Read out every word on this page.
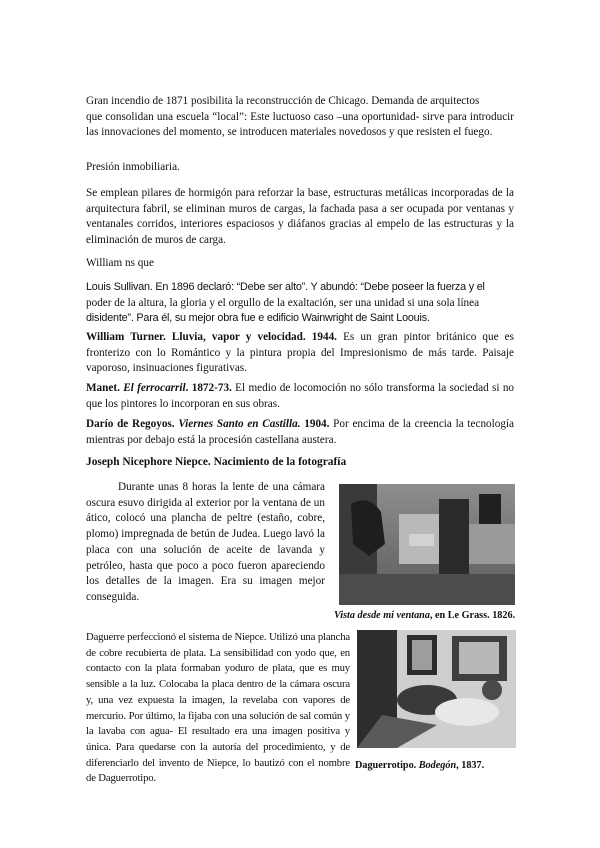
Gran incendio de 1871 posibilita la reconstrucción de Chicago. Demanda de arquitectos

que consolidan una escuela “local”: Este luctuoso caso –una oportunidad- sirve para introducir las innovaciones del momento, se introducen materiales novedosos y que resisten el fuego.

Presión inmobiliaria.

Se emplean pilares de hormigón para reforzar la base, estructuras metálicas incorporadas de la arquitectura fabril, se eliminan muros de cargas, la fachada pasa a ser ocupada por ventanas y ventanales corridos, interiores espaciosos y diáfanos gracias al empelo de las estructuras y la eliminación de muros de carga.

William ns que

Louis Sullivan. En 1896 declaró: “Debe ser alto”. Y abundó: “Debe poseer la fuerza y el

poder de la altura, la gloria y el orgullo de la exaltación, ser una unidad si una sola línea

disidente”. Para él, su mejor obra fue e edificio Wainwright de Saint Loouis.

William Turner. Lluvia, vapor y velocidad. 1944. Es un gran pintor británico que es fronterizo con lo Romántico y la pintura propia del Impresionismo de más tarde. Paisaje vaporoso, insinuaciones figurativas.

Manet. El ferrocarril. 1872-73. El medio de locomoción no sólo transforma la sociedad si no que los pintores lo incorporan en sus obras.

Darío de Regoyos. Viernes Santo en Castilla. 1904. Por encima de la creencia la tecnología mientras por debajo está la procesión castellana austera.

Joseph Nicephore Niepce. Nacimiento de la fotografía

Durante unas 8 horas la lente de una cámara oscura esuvo dirigida al exterior por la ventana de un ático, colocó una plancha de peltre (estaño, cobre, plomo) impregnada de betún de Judea. Luego lavó la placa con una solución de aceite de lavanda y petróleo, hasta que poco a poco fueron apareciendo los detalles de la imagen. Era su imagen mejor conseguida.

Vista desde mi ventana, en Le Grass. 1826.

Daguerre perfeccionó el sistema de Niepce. Utilizó una plancha de cobre recubierta de plata. La sensibilidad con yodo que, en contacto con la plata formaban yoduro de plata, que es muy sensible a la luz. Colocaba la placa dentro de la cámara oscura y, una vez expuesta la imagen, la revelaba con vapores de mercurio. Por último, la fijaba con una solución de sal común y la lavaba con agua- El resultado era una imagen positiva y única. Para quedarse con la autoría del procedimiento, y de diferenciarlo del invento de Niepce, lo bautizó con el nombre de Daguerrotipo.

Daguerrotipo. Bodegón, 1837.
